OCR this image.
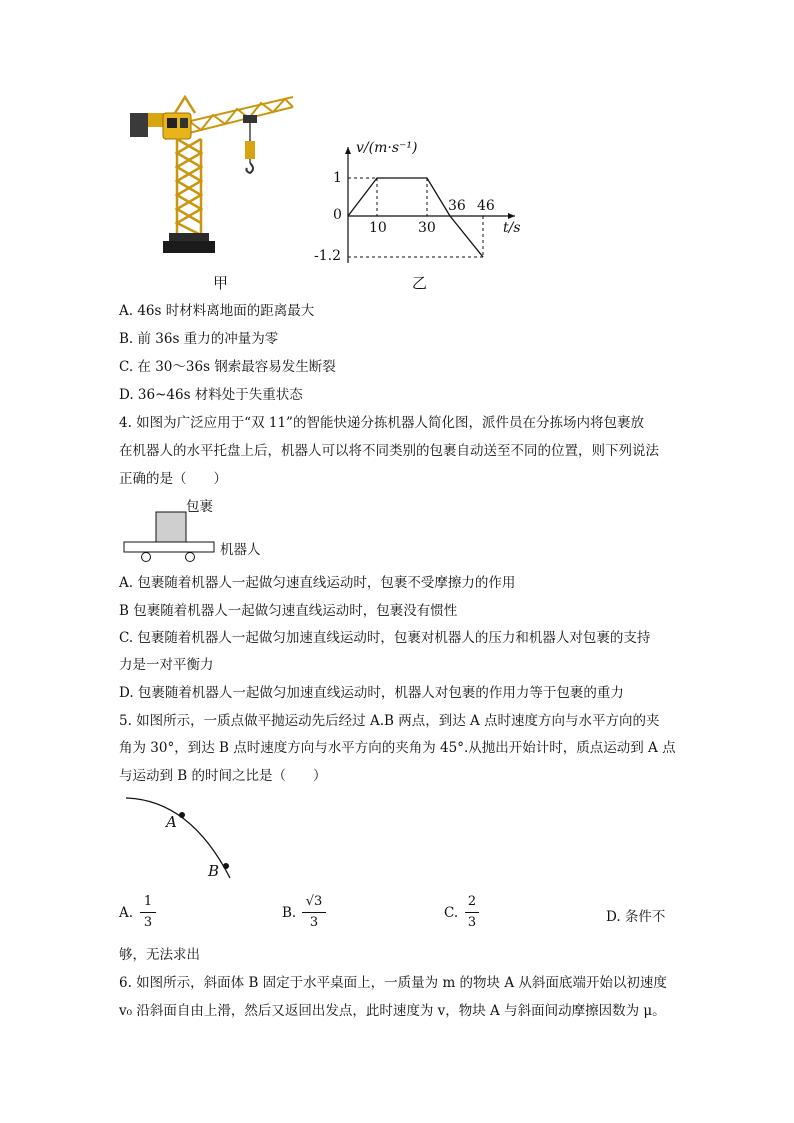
甲
v/(m·s⁻¹)
1
0
-1.2
10 30
36 46
t/s
乙
A. 46s 时材料离地面的距离最大
B. 前 36s 重力的冲量为零
C. 在 30～36s 钢索最容易发生断裂
D. 36~46s 材料处于失重状态
4. 如图为广泛应用于“双 11”的智能快递分拣机器人简化图，派件员在分拣场内将包裹放
在机器人的水平托盘上后，机器人可以将不同类别的包裹自动送至不同的位置，则下列说法
正确的是（　　）
包裹
机器人
A. 包裹随着机器人一起做匀速直线运动时，包裹不受摩擦力的作用
B 包裹随着机器人一起做匀速直线运动时，包裹没有惯性
C. 包裹随着机器人一起做匀加速直线运动时，包裹对机器人的压力和机器人对包裹的支持
力是一对平衡力
D. 包裹随着机器人一起做匀加速直线运动时，机器人对包裹的作用力等于包裹的重力
5. 如图所示，一质点做平抛运动先后经过 A.B 两点，到达 A 点时速度方向与水平方向的夹
角为 30°，到达 B 点时速度方向与水平方向的夹角为 45°.从抛出开始计时，质点运动到 A 点
与运动到 B 的时间之比是（　　）
A
B
A.
1
3
B.
√3
3
C.
2
3	D. 条件不
够，无法求出
6. 如图所示，斜面体 B 固定于水平桌面上，一质量为 m 的物块 A 从斜面底端开始以初速度
v₀ 沿斜面自由上滑，然后又返回出发点，此时速度为 v，物块 A 与斜面间动摩擦因数为 μ。
